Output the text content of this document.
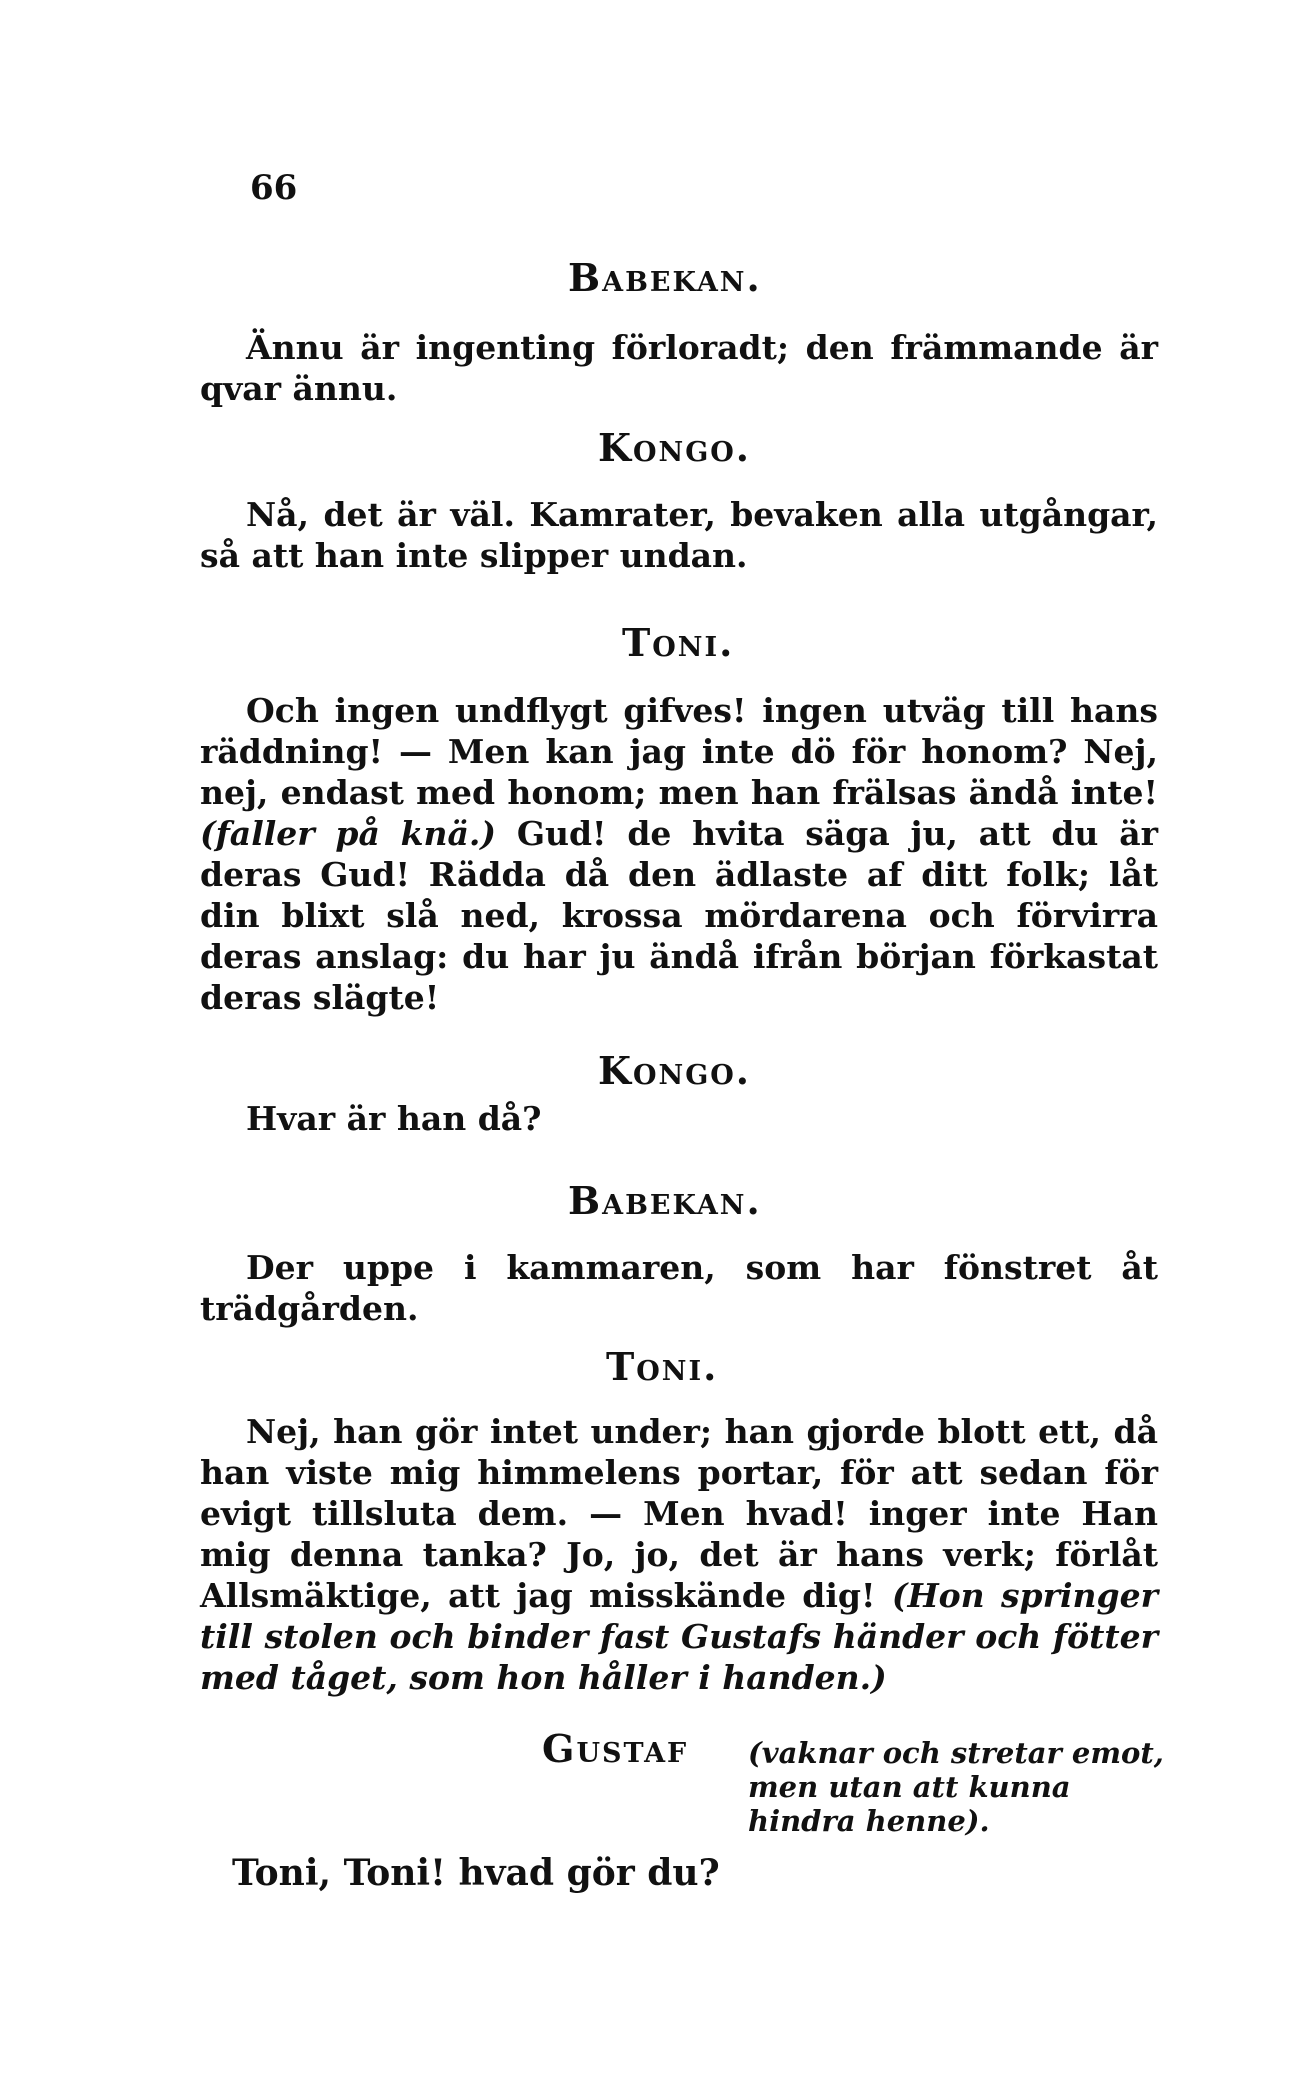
66
Babekan.
Ännu är ingenting förloradt; den främmande är qvar ännu.
Kongo.
Nå, det är väl. Kamrater, bevaken alla utgångar, så att han inte slipper undan.
Toni.
Och ingen undflygt gifves! ingen utväg till hans räddning! — Men kan jag inte dö för honom? Nej, nej, endast med honom; men han frälsas ändå inte! (faller på knä.) Gud! de hvita säga ju, att du är deras Gud! Rädda då den ädlaste af ditt folk; låt din blixt slå ned, krossa mördarena och förvirra deras anslag: du har ju ändå ifrån början förkastat deras slägte!
Kongo.
Hvar är han då?
Babekan.
Der uppe i kammaren, som har fönstret åt trädgården.
Toni.
Nej, han gör intet under; han gjorde blott ett, då han viste mig himmelens portar, för att sedan för evigt tillsluta dem. — Men hvad! inger inte Han mig denna tanka? Jo, jo, det är hans verk; förlåt Allsmäktige, att jag misskände dig! (Hon springer till stolen och binder fast Gustafs händer och fötter med tåget, som hon håller i handen.)
Gustaf (vaknar och stretar emot, men utan att kunna hindra henne).
Toni, Toni! hvad gör du?
